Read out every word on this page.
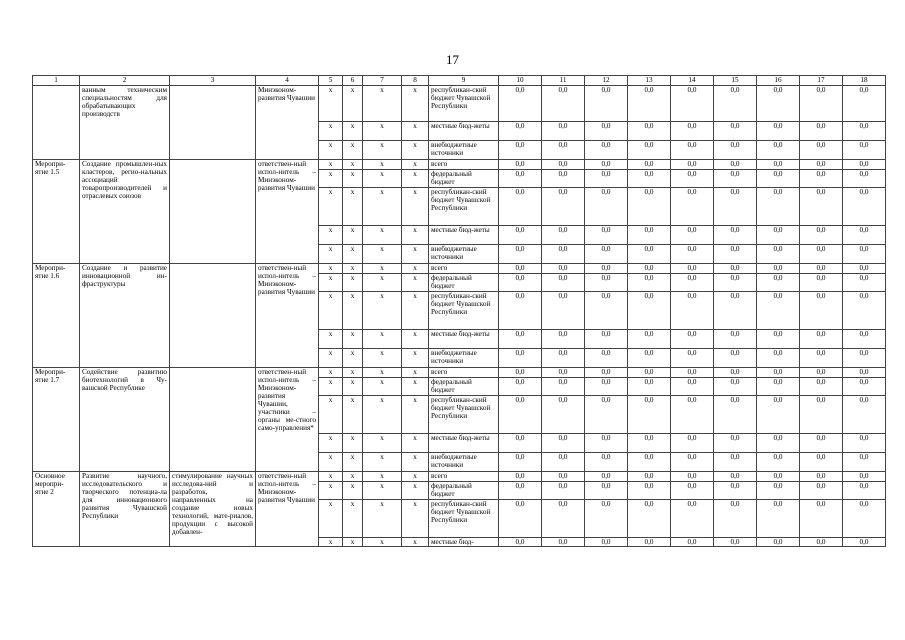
17
1	2	3	4	5	6	7	8	9	10	11	12	13	14	15	16	17	18
	ванным техническим специальностям для обрабатывающих производств		Минэконом-развития Чувашии	x	x	x	x	республикан-ский бюджет Чувашской Республики	0,0	0,0	0,0	0,0	0,0	0,0	0,0	0,0	0,0
				x	x	x	x	местные бюд-жеты	0,0	0,0	0,0	0,0	0,0	0,0	0,0	0,0	0,0
				x	x	x	x	внебюджетные источники	0,0	0,0	0,0	0,0	0,0	0,0	0,0	0,0	0,0
Меропри-ятие 1.5	Создание промышлен-ных кластеров, регио-нальных ассоциаций товаропроизводителей и отраслевых союзов		ответствен-ный испол-нитель – Минэконом-развития Чувашии	x	x	x	x	всего	0,0	0,0	0,0	0,0	0,0	0,0	0,0	0,0	0,0
				x	x	x	x	федеральный бюджет	0,0	0,0	0,0	0,0	0,0	0,0	0,0	0,0	0,0
				x	x	x	x	республикан-ский бюджет Чувашской Республики	0,0	0,0	0,0	0,0	0,0	0,0	0,0	0,0	0,0
				x	x	x	x	местные бюд-жеты	0,0	0,0	0,0	0,0	0,0	0,0	0,0	0,0	0,0
				x	x	x	x	внебюджетные источники	0,0	0,0	0,0	0,0	0,0	0,0	0,0	0,0	0,0
Меропри-ятие 1.6	Создание и развитие инновационной ин-фраструктуры		ответствен-ный испол-нитель – Минэконом-развития Чувашии	x	x	x	x	всего	0,0	0,0	0,0	0,0	0,0	0,0	0,0	0,0	0,0
				x	x	x	x	федеральный бюджет	0,0	0,0	0,0	0,0	0,0	0,0	0,0	0,0	0,0
				x	x	x	x	республикан-ский бюджет Чувашской Республики	0,0	0,0	0,0	0,0	0,0	0,0	0,0	0,0	0,0
				x	x	x	x	местные бюд-жеты	0,0	0,0	0,0	0,0	0,0	0,0	0,0	0,0	0,0
				x	x	x	x	внебюджетные источники	0,0	0,0	0,0	0,0	0,0	0,0	0,0	0,0	0,0
Меропри-ятие 1.7	Содействие развитию биотехнологий в Чу-вашской Республике		ответствен-ный испол-нитель – Минэконом-развития Чувашии, участники – органы ме-стного само-управления*	x	x	x	x	всего	0,0	0,0	0,0	0,0	0,0	0,0	0,0	0,0	0,0
				x	x	x	x	федеральный бюджет	0,0	0,0	0,0	0,0	0,0	0,0	0,0	0,0	0,0
				x	x	x	x	республикан-ский бюджет Чувашской Республики	0,0	0,0	0,0	0,0	0,0	0,0	0,0	0,0	0,0
				x	x	x	x	местные бюд-жеты	0,0	0,0	0,0	0,0	0,0	0,0	0,0	0,0	0,0
				x	x	x	x	внебюджетные источники	0,0	0,0	0,0	0,0	0,0	0,0	0,0	0,0	0,0
Основное меропри-ятие 2	Развитие научного, исследовательского и творческого потенциа-ла для инновационного развития Чувашской Республики	стимулирование научных исследова-ний и разработок, направленных на создание новых технологий, мате-риалов, продукции с высокой добавлен-	ответствен-ный испол-нитель – Минэконом-развития Чувашии	x	x	x	x	всего	0,0	0,0	0,0	0,0	0,0	0,0	0,0	0,0	0,0
				x	x	x	x	федеральный бюджет	0,0	0,0	0,0	0,0	0,0	0,0	0,0	0,0	0,0
				x	x	x	x	республикан-ский бюджет Чувашской Республики	0,0	0,0	0,0	0,0	0,0	0,0	0,0	0,0	0,0
				x	x	x	x	местные бюд-	0,0	0,0	0,0	0,0	0,0	0,0	0,0	0,0	0,0
